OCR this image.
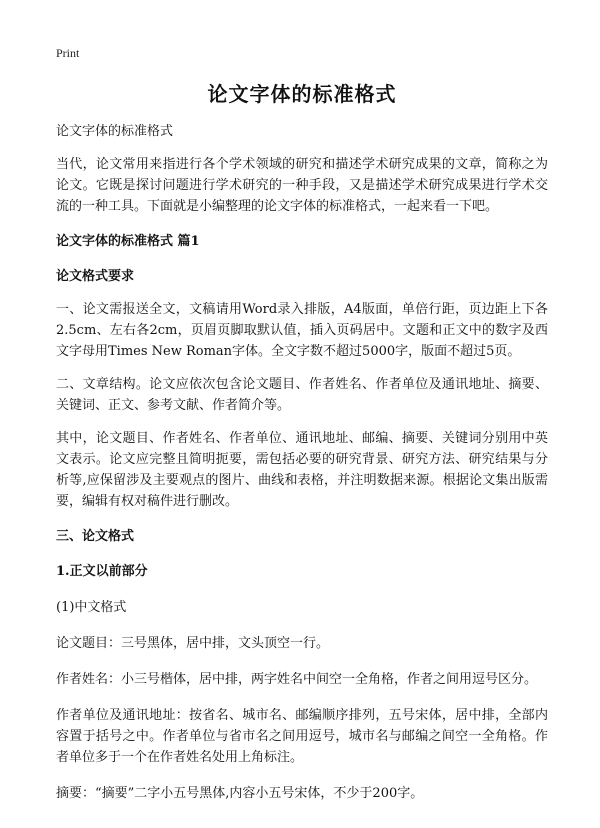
Print
论文字体的标准格式

论文字体的标准格式

当代，论文常用来指进行各个学术领域的研究和描述学术研究成果的文章，简称之为论文。它既是探讨问题进行学术研究的一种手段，又是描述学术研究成果进行学术交流的一种工具。下面就是小编整理的论文字体的标准格式，一起来看一下吧。

论文字体的标准格式 篇1
论文格式要求

一、论文需报送全文，文稿请用Word录入排版，A4版面，单倍行距，页边距上下各2.5cm、左右各2cm，页眉页脚取默认值，插入页码居中。文题和正文中的数字及西文字母用Times New Roman字体。全文字数不超过5000字，版面不超过5页。

二、文章结构。论文应依次包含论文题目、作者姓名、作者单位及通讯地址、摘要、关键词、正文、参考文献、作者简介等。

其中，论文题目、作者姓名、作者单位、通讯地址、邮编、摘要、关键词分别用中英文表示。论文应完整且简明扼要，需包括必要的研究背景、研究方法、研究结果与分析等,应保留涉及主要观点的图片、曲线和表格，并注明数据来源。根据论文集出版需要，编辑有权对稿件进行删改。

三、论文格式
1.正文以前部分

(1)中文格式

论文题目：三号黑体，居中排，文头顶空一行。

作者姓名：小三号楷体，居中排，两字姓名中间空一全角格，作者之间用逗号区分。

作者单位及通讯地址：按省名、城市名、邮编顺序排列，五号宋体，居中排，全部内容置于括号之中。作者单位与省市名之间用逗号，城市名与邮编之间空一全角格。作者单位多于一个在作者姓名处用上角标注。

摘要：“摘要”二字小五号黑体,内容小五号宋体，不少于200字。
